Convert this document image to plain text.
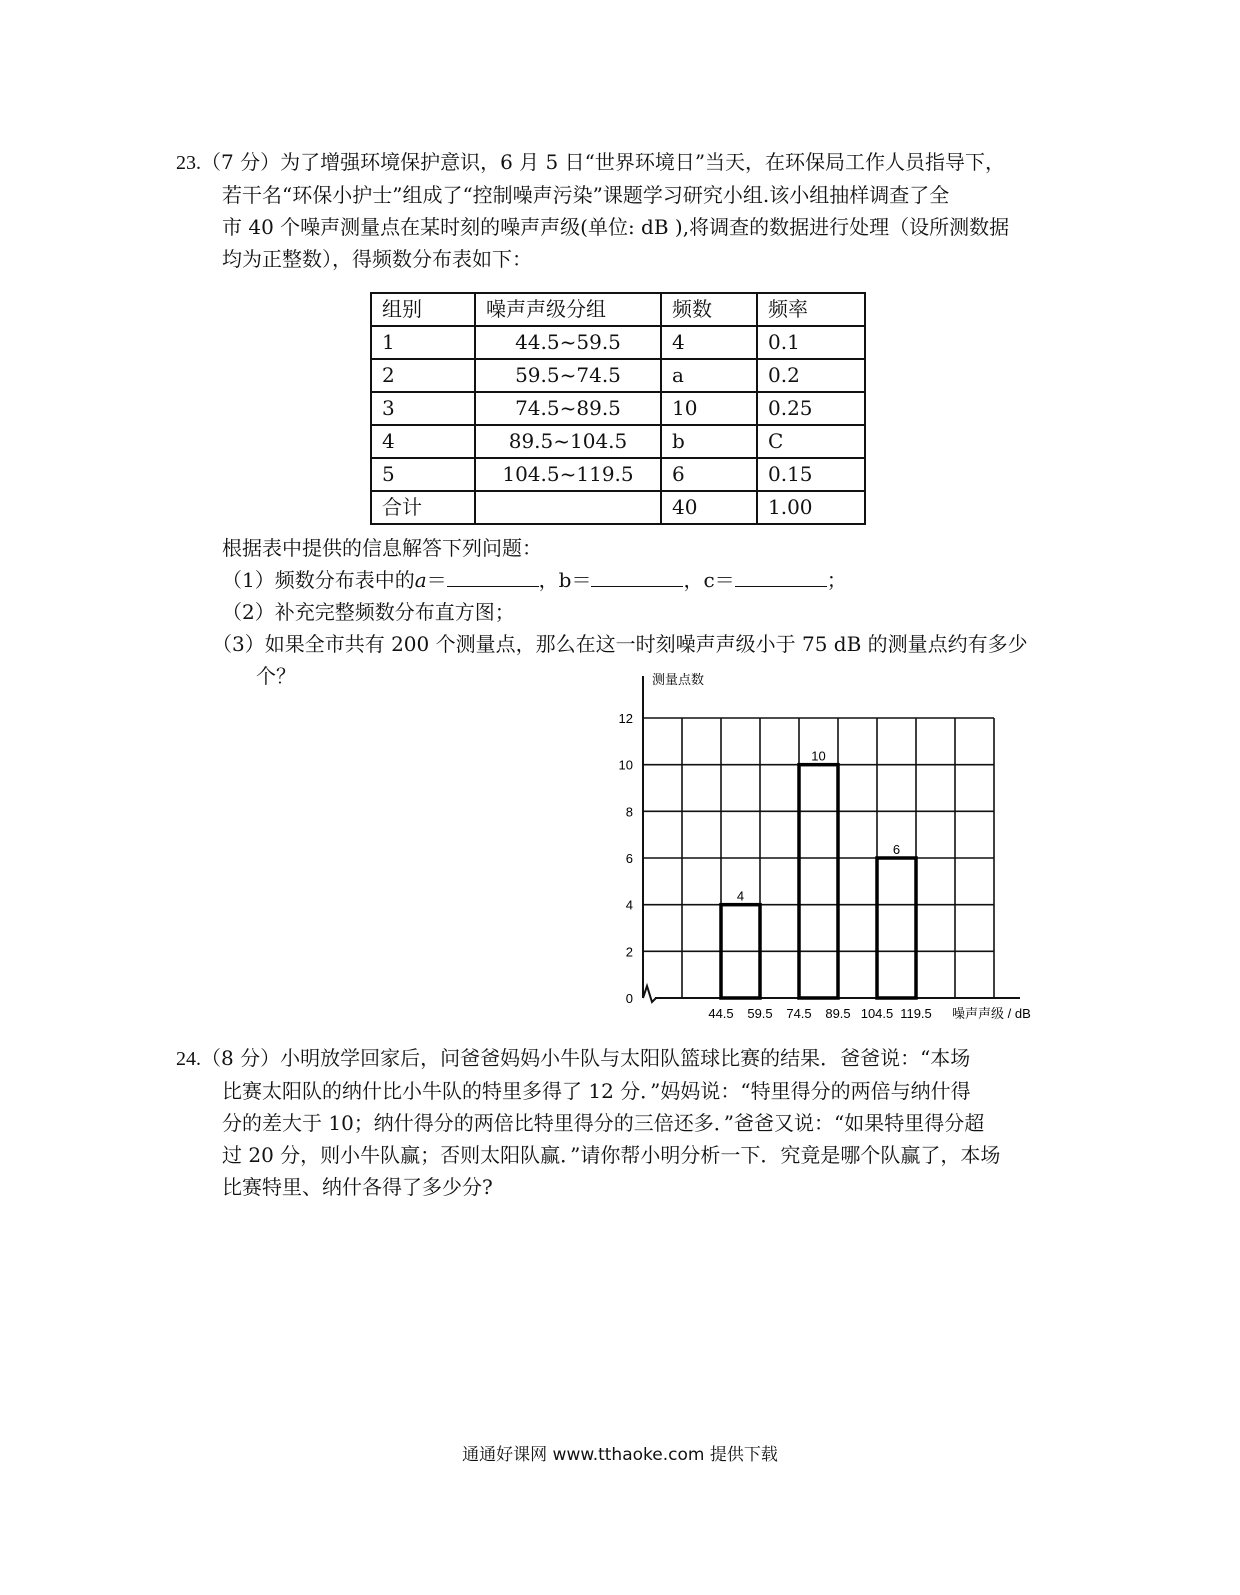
23.（7 分）为了增强环境保护意识，6 月 5 日“世界环境日”当天，在环保局工作人员指导下，
若干名“环保小护士”组成了“控制噪声污染”课题学习研究小组.该小组抽样调查了全
市 40 个噪声测量点在某时刻的噪声声级(单位: dB ),将调查的数据进行处理（设所测数据
均为正整数），得频数分布表如下：
组别	噪声声级分组	频数	频率
1	44.5~59.5	4	0.1
2	59.5~74.5	a	0.2
3	74.5~89.5	10	0.25
4	89.5~104.5	b	C
5	104.5~119.5	6	0.15
合计		40	1.00
根据表中提供的信息解答下列问题：
（1）频数分布表中的a＝	，b＝	，c＝	；
（2）补充完整频数分布直方图；
（3）如果全市共有 200 个测量点，那么在这一时刻噪声声级小于 75 dB 的测量点约有多少
个？
4
10
6
0
2
4
6
8
10
12
44.5 59.5 74.5 89.5 104.5 119.5
测量点数
噪声声级 / dB
24.（8 分）小明放学回家后，问爸爸妈妈小牛队与太阳队篮球比赛的结果．爸爸说：“本场
比赛太阳队的纳什比小牛队的特里多得了 12 分．”妈妈说：“特里得分的两倍与纳什得
分的差大于 10；纳什得分的两倍比特里得分的三倍还多．”爸爸又说：“如果特里得分超
过 20 分，则小牛队赢；否则太阳队赢．”请你帮小明分析一下．究竟是哪个队赢了，本场
比赛特里、纳什各得了多少分?
通通好课网 www.tthaoke.com 提供下载
